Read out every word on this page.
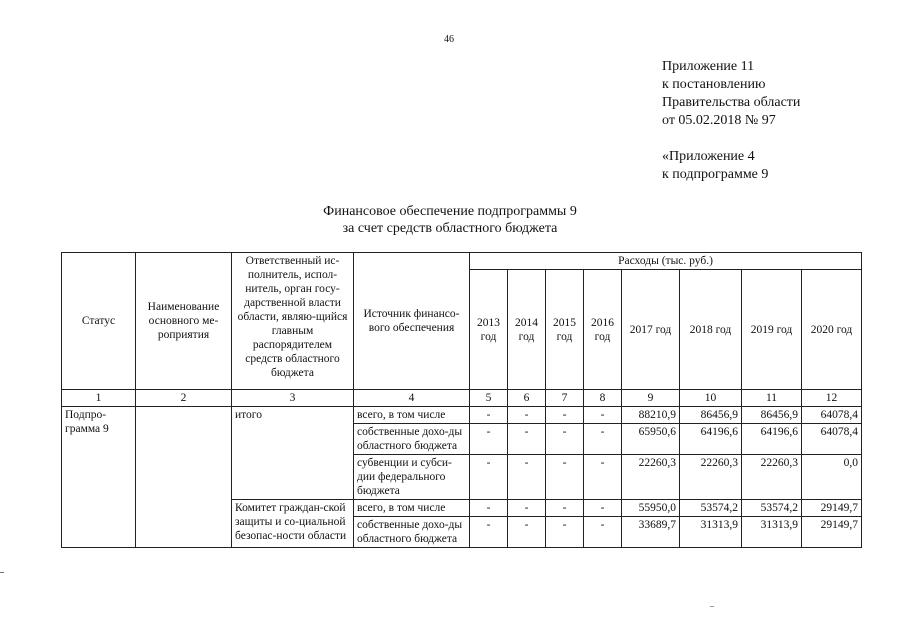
46
Приложение 11
к постановлению
Правительства области
от 05.02.2018 № 97
«Приложение 4
к подпрограмме 9
Финансовое обеспечение подпрограммы 9
за счет средств областного бюджета
Статус	Наименование основного ме-роприятия	Ответственный ис-полнитель, испол-нитель, орган госу-дарственной власти области, являю-щийся главным распорядителем средств областного бюджета	Источник финансо-вого обеспечения	Расходы (тыс. руб.)							
				2013 год	2014 год	2015 год	2016 год	2017 год	2018 год	2019 год	2020 год
1	2	3	4	5	6	7	8	9	10	11	12
Подпро-грамма 9		итого	всего, в том числе	-	-	-	-	88210,9	86456,9	86456,9	64078,4
			собственные дохо-ды областного бюджета	-	-	-	-	65950,6	64196,6	64196,6	64078,4
			субвенции и субси-дии федерального бюджета	-	-	-	-	22260,3	22260,3	22260,3	0,0
		Комитет граждан-ской защиты и со-циальной безопас-ности области	всего, в том числе	-	-	-	-	55950,0	53574,2	53574,2	29149,7
			собственные дохо-ды областного бюджета	-	-	-	-	33689,7	31313,9	31313,9	29149,7
